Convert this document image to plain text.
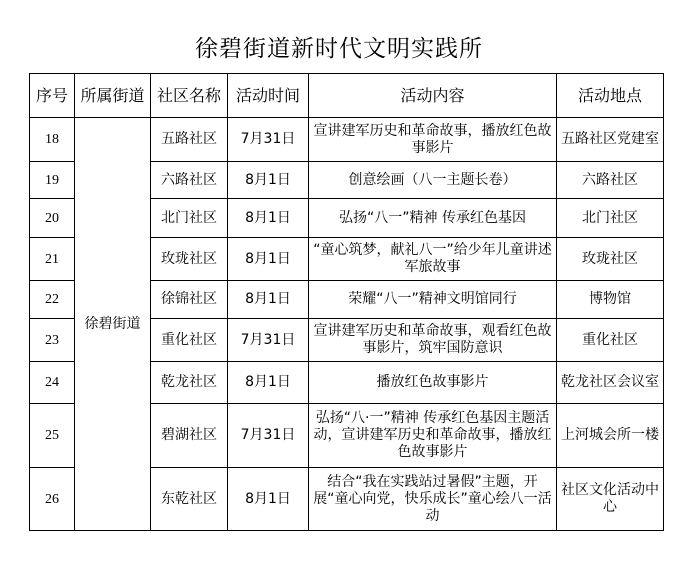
徐碧街道新时代文明实践所
序号	所属街道	社区名称	活动时间	活动内容	活动地点
18	徐碧街道	五路社区	7月31日	宣讲建军历史和革命故事，播放红色故事影片	五路社区党建室
19		六路社区	8月1日	创意绘画（八一主题长卷）	六路社区
20		北门社区	8月1日	弘扬“八一”精神 传承红色基因	北门社区
21		玫珑社区	8月1日	“童心筑梦，献礼八一”给少年儿童讲述军旅故事	玫珑社区
22		徐锦社区	8月1日	荣耀“八一”精神文明馆同行	博物馆
23		重化社区	7月31日	宣讲建军历史和革命故事，观看红色故事影片，筑牢国防意识	重化社区
24		乾龙社区	8月1日	播放红色故事影片	乾龙社区会议室
25		碧湖社区	7月31日	弘扬“八·一”精神 传承红色基因主题活动，宣讲建军历史和革命故事，播放红色故事影片	上河城会所一楼
26		东乾社区	8月1日	结合“我在实践站过暑假”主题，开展“童心向党，快乐成长”童心绘八一活动	社区文化活动中心
